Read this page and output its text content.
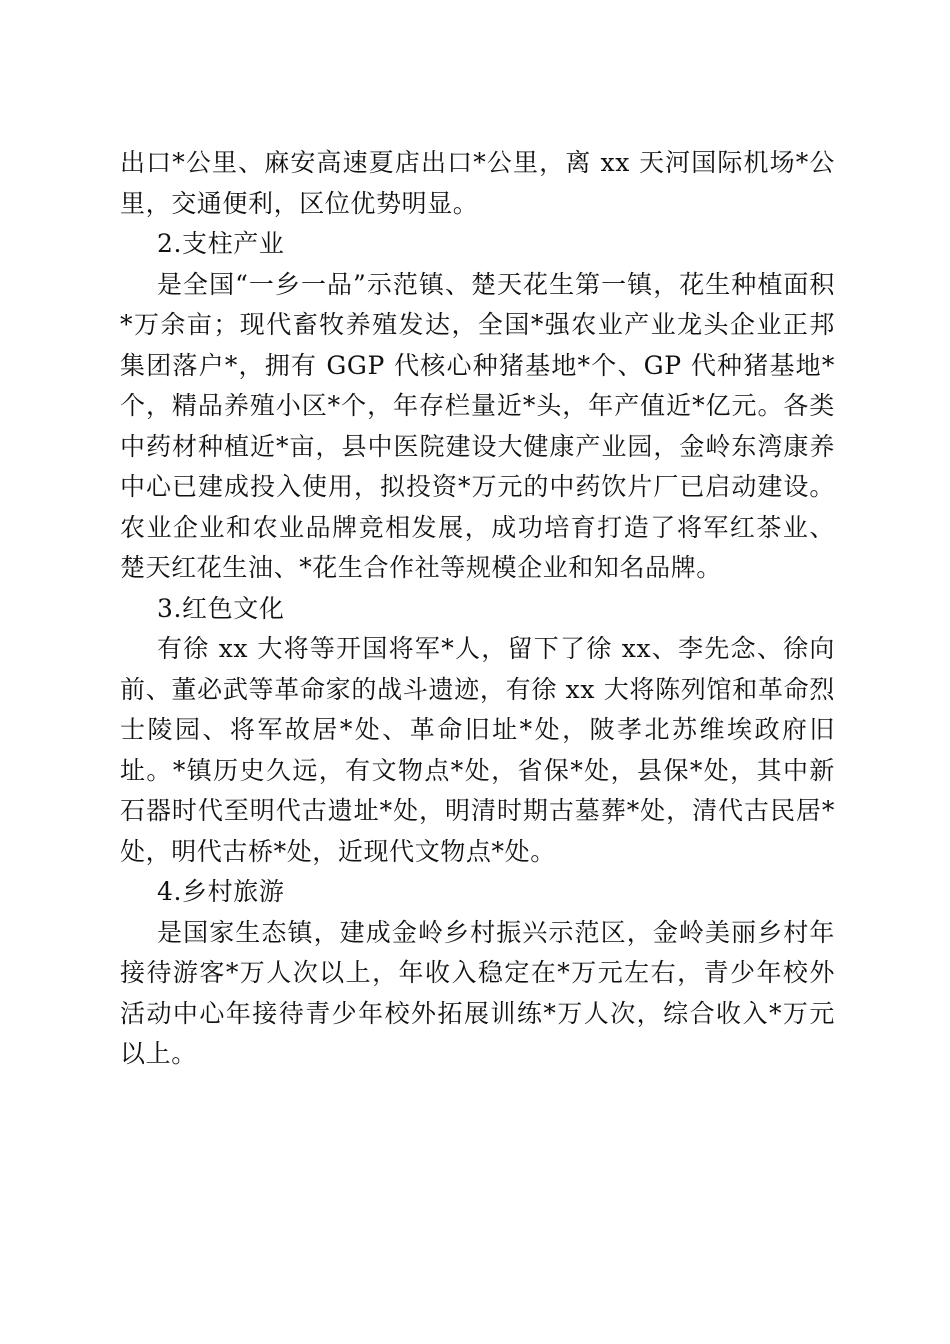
出口*公里、麻安高速夏店出口*公里，离 xx 天河国际机场*公里，交通便利，区位优势明显。

2.支柱产业

是全国“一乡一品”示范镇、楚天花生第一镇，花生种植面积*万余亩；现代畜牧养殖发达，全国*强农业产业龙头企业正邦集团落户*，拥有 GGP 代核心种猪基地*个、GP 代种猪基地*个，精品养殖小区*个，年存栏量近*头，年产值近*亿元。各类中药材种植近*亩，县中医院建设大健康产业园，金岭东湾康养中心已建成投入使用，拟投资*万元的中药饮片厂已启动建设。农业企业和农业品牌竞相发展，成功培育打造了将军红茶业、楚天红花生油、*花生合作社等规模企业和知名品牌。

3.红色文化

有徐 xx 大将等开国将军*人，留下了徐 xx、李先念、徐向前、董必武等革命家的战斗遗迹，有徐 xx 大将陈列馆和革命烈士陵园、将军故居*处、革命旧址*处，陂孝北苏维埃政府旧址。*镇历史久远，有文物点*处，省保*处，县保*处，其中新石器时代至明代古遗址*处，明清时期古墓葬*处，清代古民居*处，明代古桥*处，近现代文物点*处。

4.乡村旅游

是国家生态镇，建成金岭乡村振兴示范区，金岭美丽乡村年接待游客*万人次以上，年收入稳定在*万元左右，青少年校外活动中心年接待青少年校外拓展训练*万人次，综合收入*万元以上。
